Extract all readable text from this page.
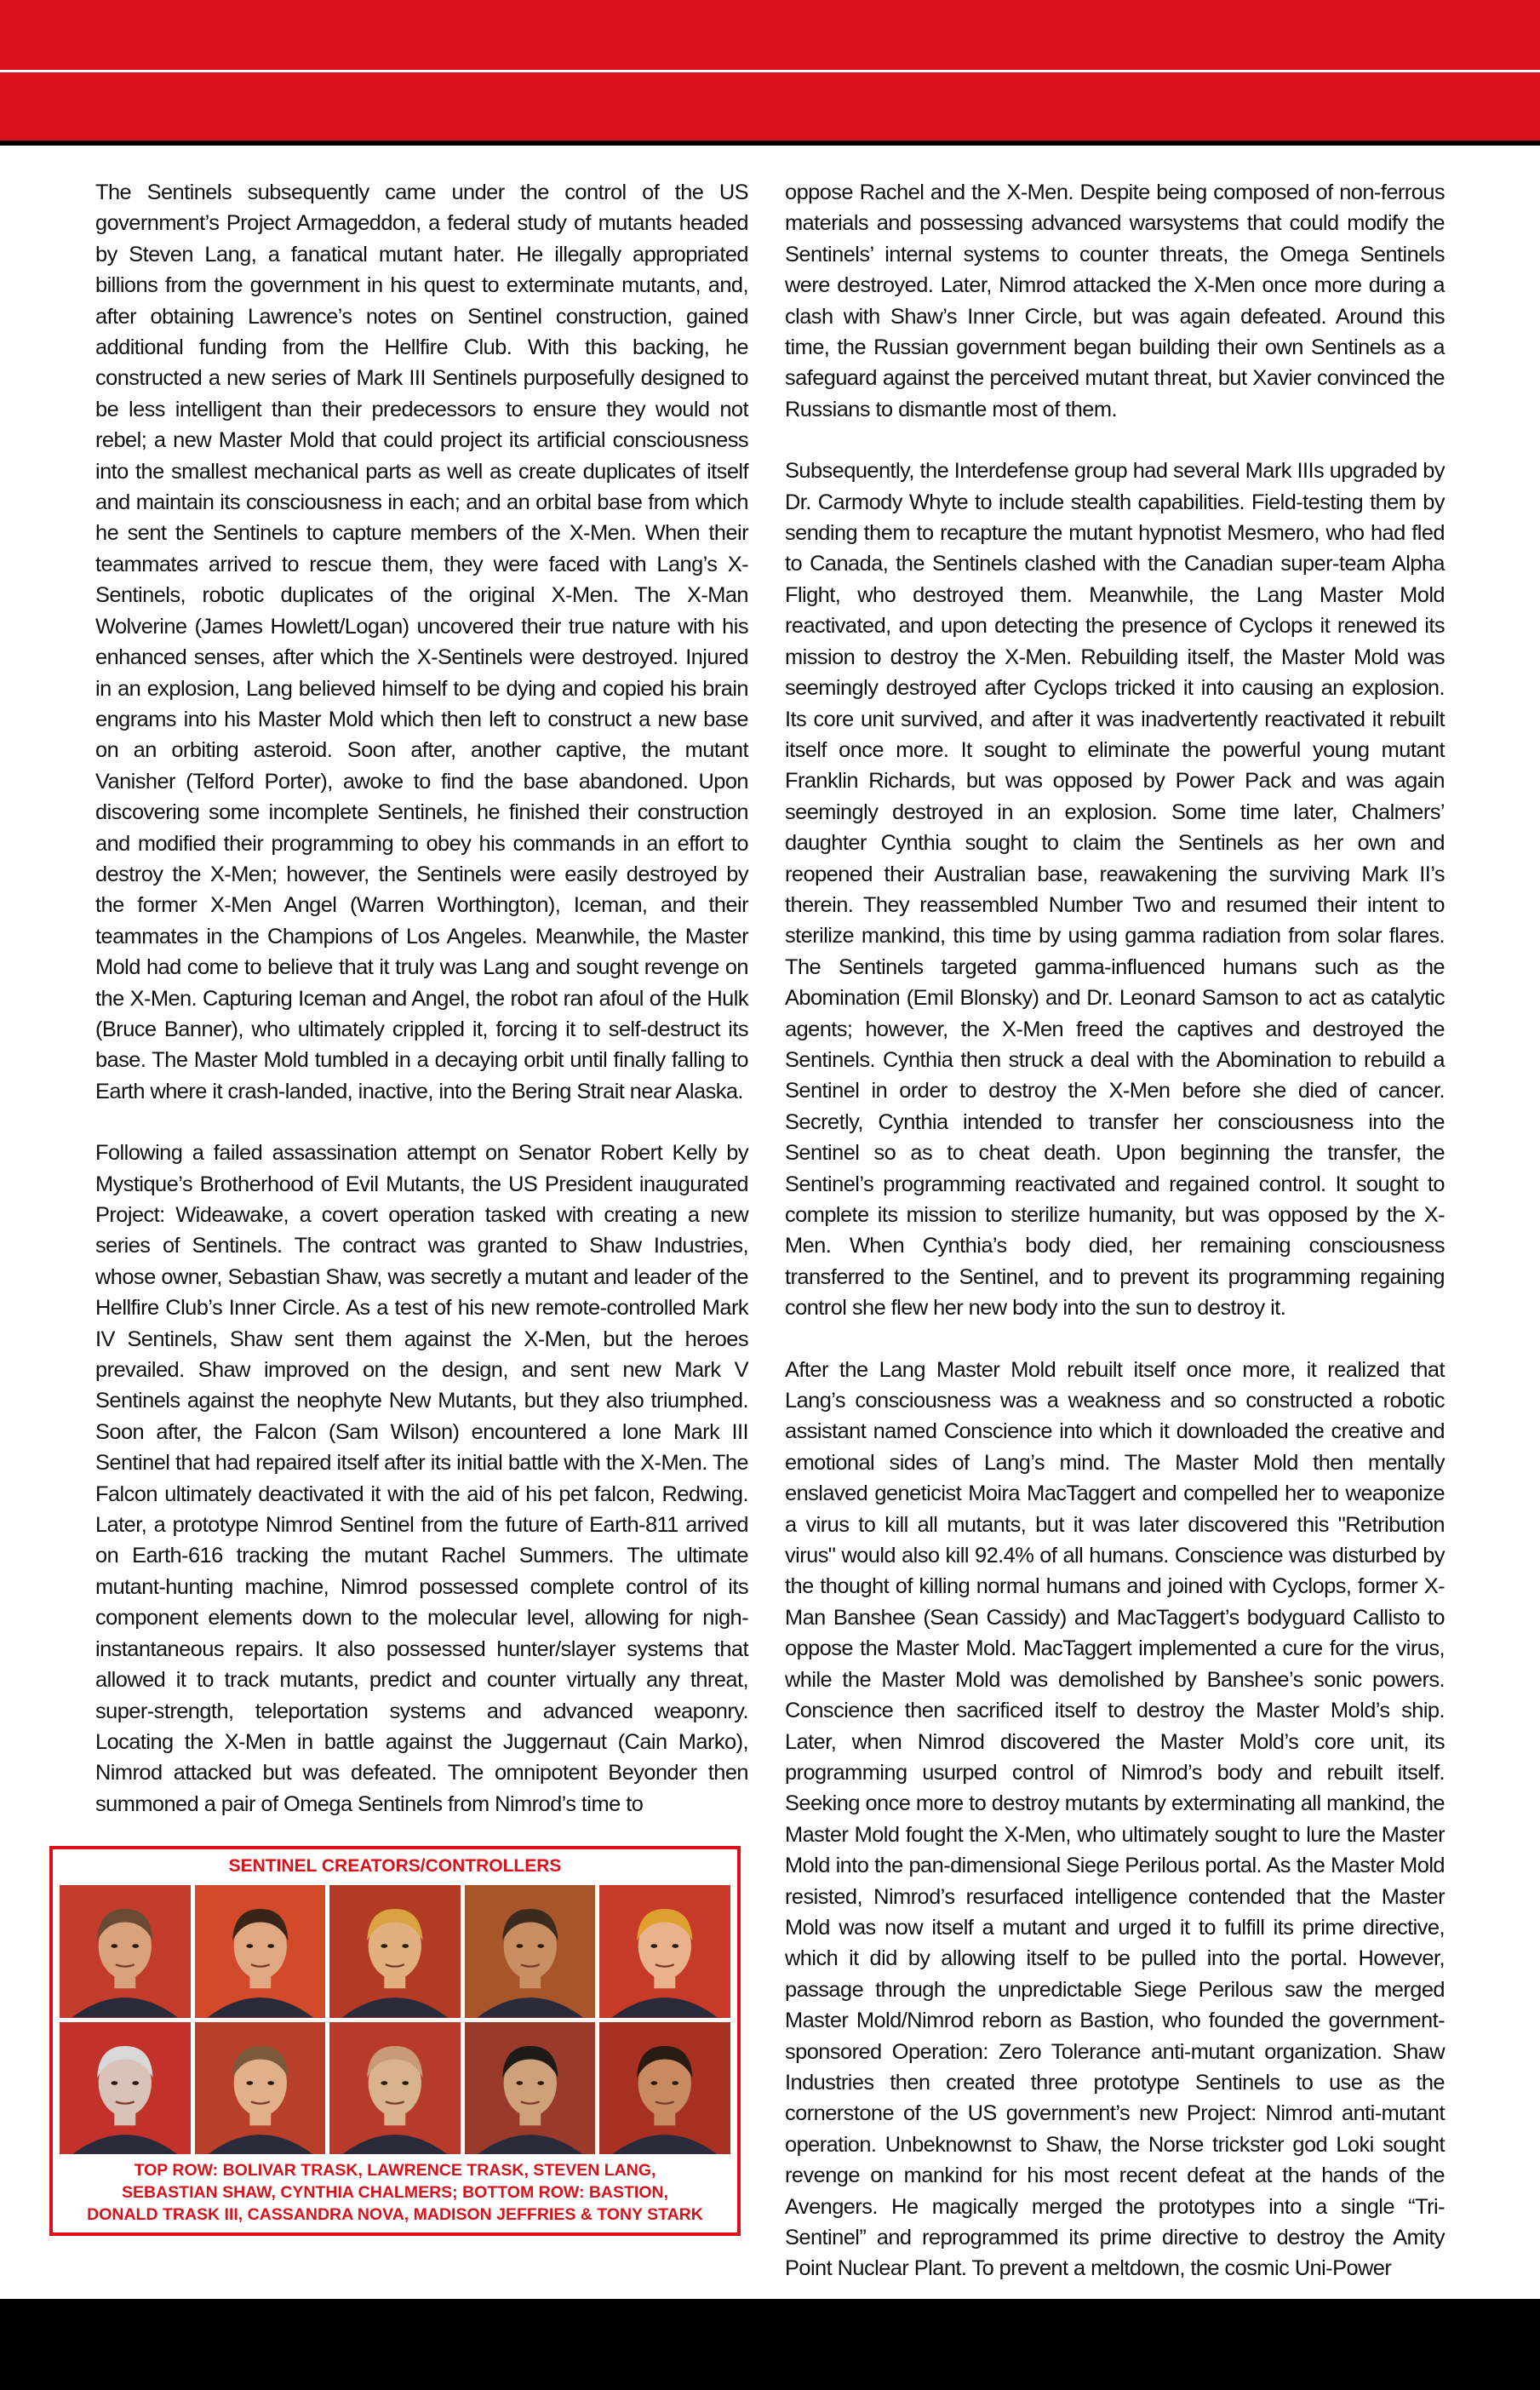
The Sentinels subsequently came under the control of the US government’s Project Armageddon, a federal study of mutants headed by Steven Lang, a fanatical mutant hater. He illegally appropriated billions from the government in his quest to exterminate mutants, and, after obtaining Lawrence’s notes on Sentinel construction, gained additional funding from the Hellfire Club. With this backing, he constructed a new series of Mark III Sentinels purposefully designed to be less intelligent than their predecessors to ensure they would not rebel; a new Master Mold that could project its artificial consciousness into the smallest mechanical parts as well as create duplicates of itself and maintain its consciousness in each; and an orbital base from which he sent the Sentinels to capture members of the X-Men. When their teammates arrived to rescue them, they were faced with Lang’s X-Sentinels, robotic duplicates of the original X-Men. The X-Man Wolverine (James Howlett/Logan) uncovered their true nature with his enhanced senses, after which the X-Sentinels were destroyed. Injured in an explosion, Lang believed himself to be dying and copied his brain engrams into his Master Mold which then left to construct a new base on an orbiting asteroid. Soon after, another captive, the mutant Vanisher (Telford Porter), awoke to find the base abandoned. Upon discovering some incomplete Sentinels, he finished their construction and modified their programming to obey his commands in an effort to destroy the X-Men; however, the Sentinels were easily destroyed by the former X-Men Angel (Warren Worthington), Iceman, and their teammates in the Champions of Los Angeles. Meanwhile, the Master Mold had come to believe that it truly was Lang and sought revenge on the X-Men. Capturing Iceman and Angel, the robot ran afoul of the Hulk (Bruce Banner), who ultimately crippled it, forcing it to self-destruct its base. The Master Mold tumbled in a decaying orbit until finally falling to Earth where it crash-landed, inactive, into the Bering Strait near Alaska.

Following a failed assassination attempt on Senator Robert Kelly by Mystique’s Brotherhood of Evil Mutants, the US President inaugurated Project: Wideawake, a covert operation tasked with creating a new series of Sentinels. The contract was granted to Shaw Industries, whose owner, Sebastian Shaw, was secretly a mutant and leader of the Hellfire Club’s Inner Circle. As a test of his new remote-controlled Mark IV Sentinels, Shaw sent them against the X-Men, but the heroes prevailed. Shaw improved on the design, and sent new Mark V Sentinels against the neophyte New Mutants, but they also triumphed. Soon after, the Falcon (Sam Wilson) encountered a lone Mark III Sentinel that had repaired itself after its initial battle with the X-Men. The Falcon ultimately deactivated it with the aid of his pet falcon, Redwing. Later, a prototype Nimrod Sentinel from the future of Earth-811 arrived on Earth-616 tracking the mutant Rachel Summers. The ultimate mutant-hunting machine, Nimrod possessed complete control of its component elements down to the molecular level, allowing for nigh-instantaneous repairs. It also possessed hunter/slayer systems that allowed it to track mutants, predict and counter virtually any threat, super-strength, teleportation systems and advanced weaponry. Locating the X-Men in battle against the Juggernaut (Cain Marko), Nimrod attacked but was defeated. The omnipotent Beyonder then summoned a pair of Omega Sentinels from Nimrod’s time to

oppose Rachel and the X-Men. Despite being composed of non-ferrous materials and possessing advanced warsystems that could modify the Sentinels’ internal systems to counter threats, the Omega Sentinels were destroyed. Later, Nimrod attacked the X-Men once more during a clash with Shaw’s Inner Circle, but was again defeated. Around this time, the Russian government began building their own Sentinels as a safeguard against the perceived mutant threat, but Xavier convinced the Russians to dismantle most of them.

Subsequently, the Interdefense group had several Mark IIIs upgraded by Dr. Carmody Whyte to include stealth capabilities. Field-testing them by sending them to recapture the mutant hypnotist Mesmero, who had fled to Canada, the Sentinels clashed with the Canadian super-team Alpha Flight, who destroyed them. Meanwhile, the Lang Master Mold reactivated, and upon detecting the presence of Cyclops it renewed its mission to destroy the X-Men. Rebuilding itself, the Master Mold was seemingly destroyed after Cyclops tricked it into causing an explosion. Its core unit survived, and after it was inadvertently reactivated it rebuilt itself once more. It sought to eliminate the powerful young mutant Franklin Richards, but was opposed by Power Pack and was again seemingly destroyed in an explosion. Some time later, Chalmers’ daughter Cynthia sought to claim the Sentinels as her own and reopened their Australian base, reawakening the surviving Mark II’s therein. They reassembled Number Two and resumed their intent to sterilize mankind, this time by using gamma radiation from solar flares. The Sentinels targeted gamma-influenced humans such as the Abomination (Emil Blonsky) and Dr. Leonard Samson to act as catalytic agents; however, the X-Men freed the captives and destroyed the Sentinels. Cynthia then struck a deal with the Abomination to rebuild a Sentinel in order to destroy the X-Men before she died of cancer. Secretly, Cynthia intended to transfer her consciousness into the Sentinel so as to cheat death. Upon beginning the transfer, the Sentinel’s programming reactivated and regained control. It sought to complete its mission to sterilize humanity, but was opposed by the X-Men. When Cynthia’s body died, her remaining consciousness transferred to the Sentinel, and to prevent its programming regaining control she flew her new body into the sun to destroy it.

After the Lang Master Mold rebuilt itself once more, it realized that Lang’s consciousness was a weakness and so constructed a robotic assistant named Conscience into which it downloaded the creative and emotional sides of Lang’s mind. The Master Mold then mentally enslaved geneticist Moira MacTaggert and compelled her to weaponize a virus to kill all mutants, but it was later discovered this "Retribution virus" would also kill 92.4% of all humans. Conscience was disturbed by the thought of killing normal humans and joined with Cyclops, former X-Man Banshee (Sean Cassidy) and MacTaggert’s bodyguard Callisto to oppose the Master Mold. MacTaggert implemented a cure for the virus, while the Master Mold was demolished by Banshee’s sonic powers. Conscience then sacrificed itself to destroy the Master Mold’s ship. Later, when Nimrod discovered the Master Mold’s core unit, its programming usurped control of Nimrod’s body and rebuilt itself. Seeking once more to destroy mutants by exterminating all mankind, the Master Mold fought the X-Men, who ultimately sought to lure the Master Mold into the pan-dimensional Siege Perilous portal. As the Master Mold resisted, Nimrod’s resurfaced intelligence contended that the Master Mold was now itself a mutant and urged it to fulfill its prime directive, which it did by allowing itself to be pulled into the portal. However, passage through the unpredictable Siege Perilous saw the merged Master Mold/Nimrod reborn as Bastion, who founded the government-sponsored Operation: Zero Tolerance anti-mutant organization. Shaw Industries then created three prototype Sentinels to use as the cornerstone of the US government’s new Project: Nimrod anti-mutant operation. Unbeknownst to Shaw, the Norse trickster god Loki sought revenge on mankind for his most recent defeat at the hands of the Avengers. He magically merged the prototypes into a single “Tri-Sentinel” and reprogrammed its prime directive to destroy the Amity Point Nuclear Plant. To prevent a meltdown, the cosmic Uni-Power

SENTINEL CREATORS/CONTROLLERS
TOP ROW: BOLIVAR TRASK, LAWRENCE TRASK, STEVEN LANG,
SEBASTIAN SHAW, CYNTHIA CHALMERS; BOTTOM ROW: BASTION,
DONALD TRASK III, CASSANDRA NOVA, MADISON JEFFRIES & TONY STARK
